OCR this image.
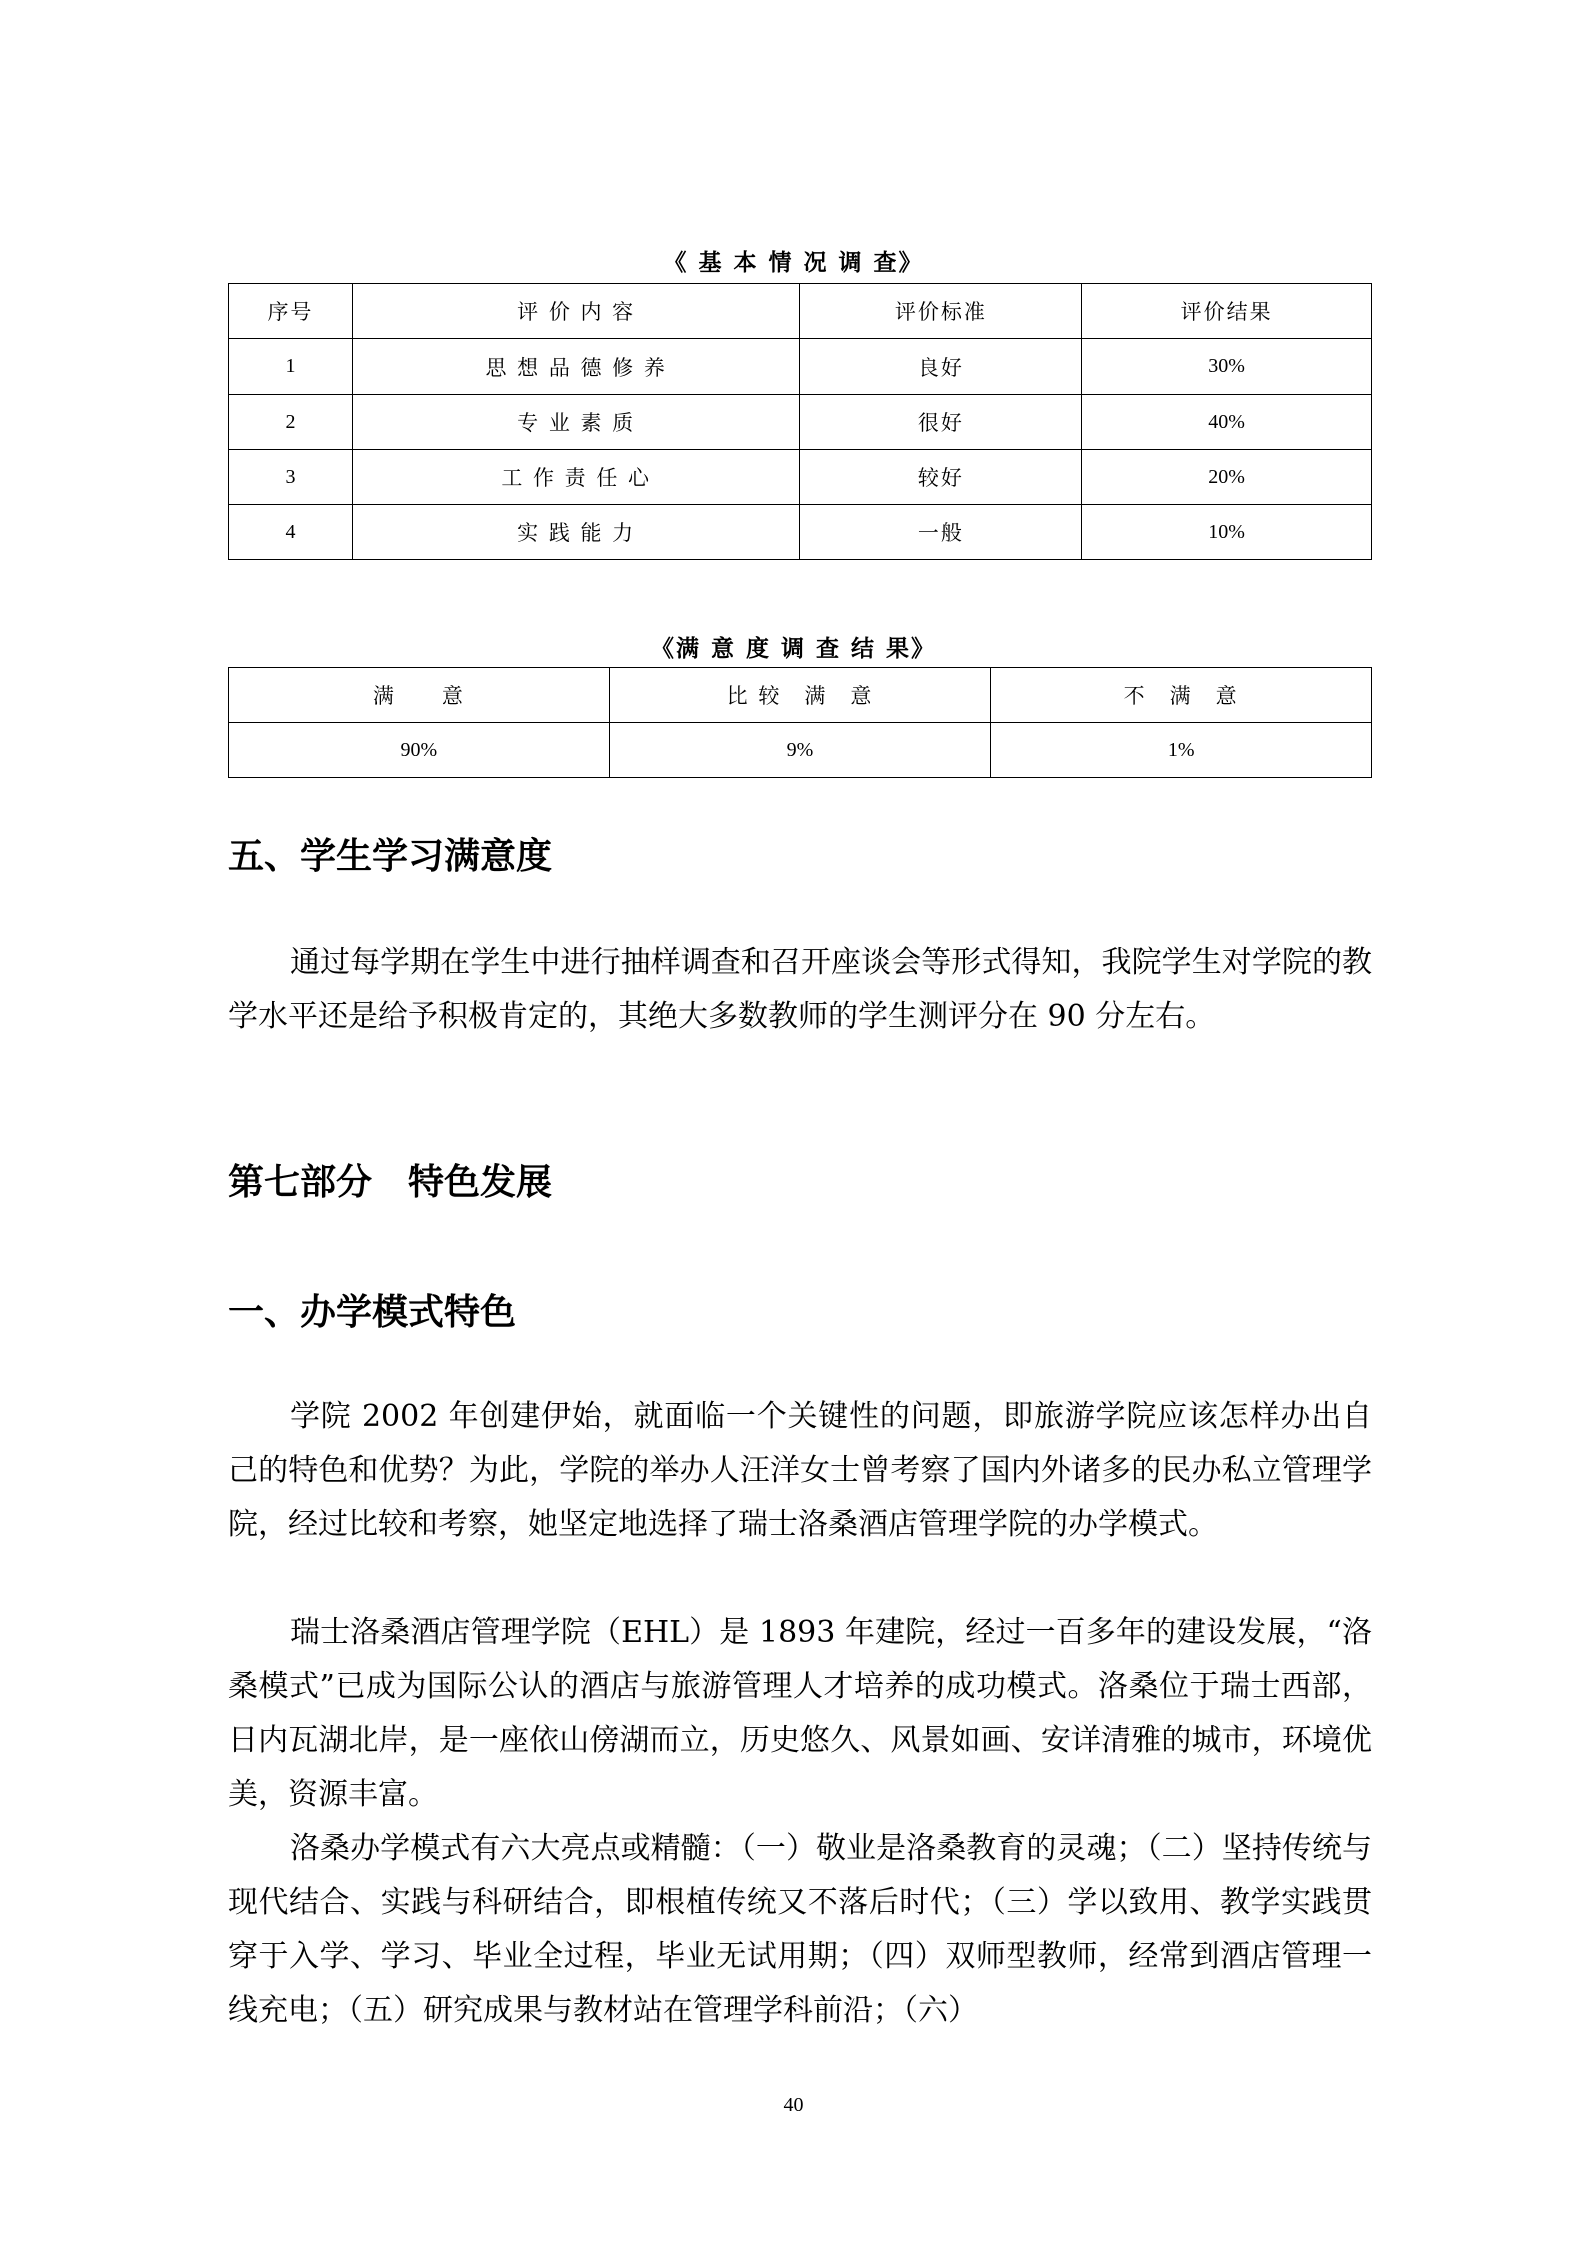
《 基 本 情 况 调 查》
序号	评 价 内 容	评价标准	评价结果
1	思 想 品 德 修 养	良好	30%
2	专 业 素 质	很好	40%
3	工 作 责 任 心	较好	20%
4	实 践 能 力	一般	10%
《满 意 度 调 查 结 果》
满　　意	比 较　满　意	不　满　意
90%	9%	1%
五、学生学习满意度

通过每学期在学生中进行抽样调查和召开座谈会等形式得知，我院学生对学院的教学水平还是给予积极肯定的，其绝大多数教师的学生测评分在 90 分左右。

第七部分　特色发展
一、办学模式特色

学院 2002 年创建伊始，就面临一个关键性的问题，即旅游学院应该怎样办出自己的特色和优势？为此，学院的举办人汪洋女士曾考察了国内外诸多的民办私立管理学院，经过比较和考察，她坚定地选择了瑞士洛桑酒店管理学院的办学模式。

瑞士洛桑酒店管理学院（EHL）是 1893 年建院，经过一百多年的建设发展，“洛桑模式”已成为国际公认的酒店与旅游管理人才培养的成功模式。洛桑位于瑞士西部，日内瓦湖北岸，是一座依山傍湖而立，历史悠久、风景如画、安详清雅的城市，环境优美，资源丰富。

洛桑办学模式有六大亮点或精髓：（一）敬业是洛桑教育的灵魂；（二）坚持传统与现代结合、实践与科研结合，即根植传统又不落后时代；（三）学以致用、教学实践贯穿于入学、学习、毕业全过程，毕业无试用期；（四）双师型教师，经常到酒店管理一线充电；（五）研究成果与教材站在管理学科前沿；（六）

40
